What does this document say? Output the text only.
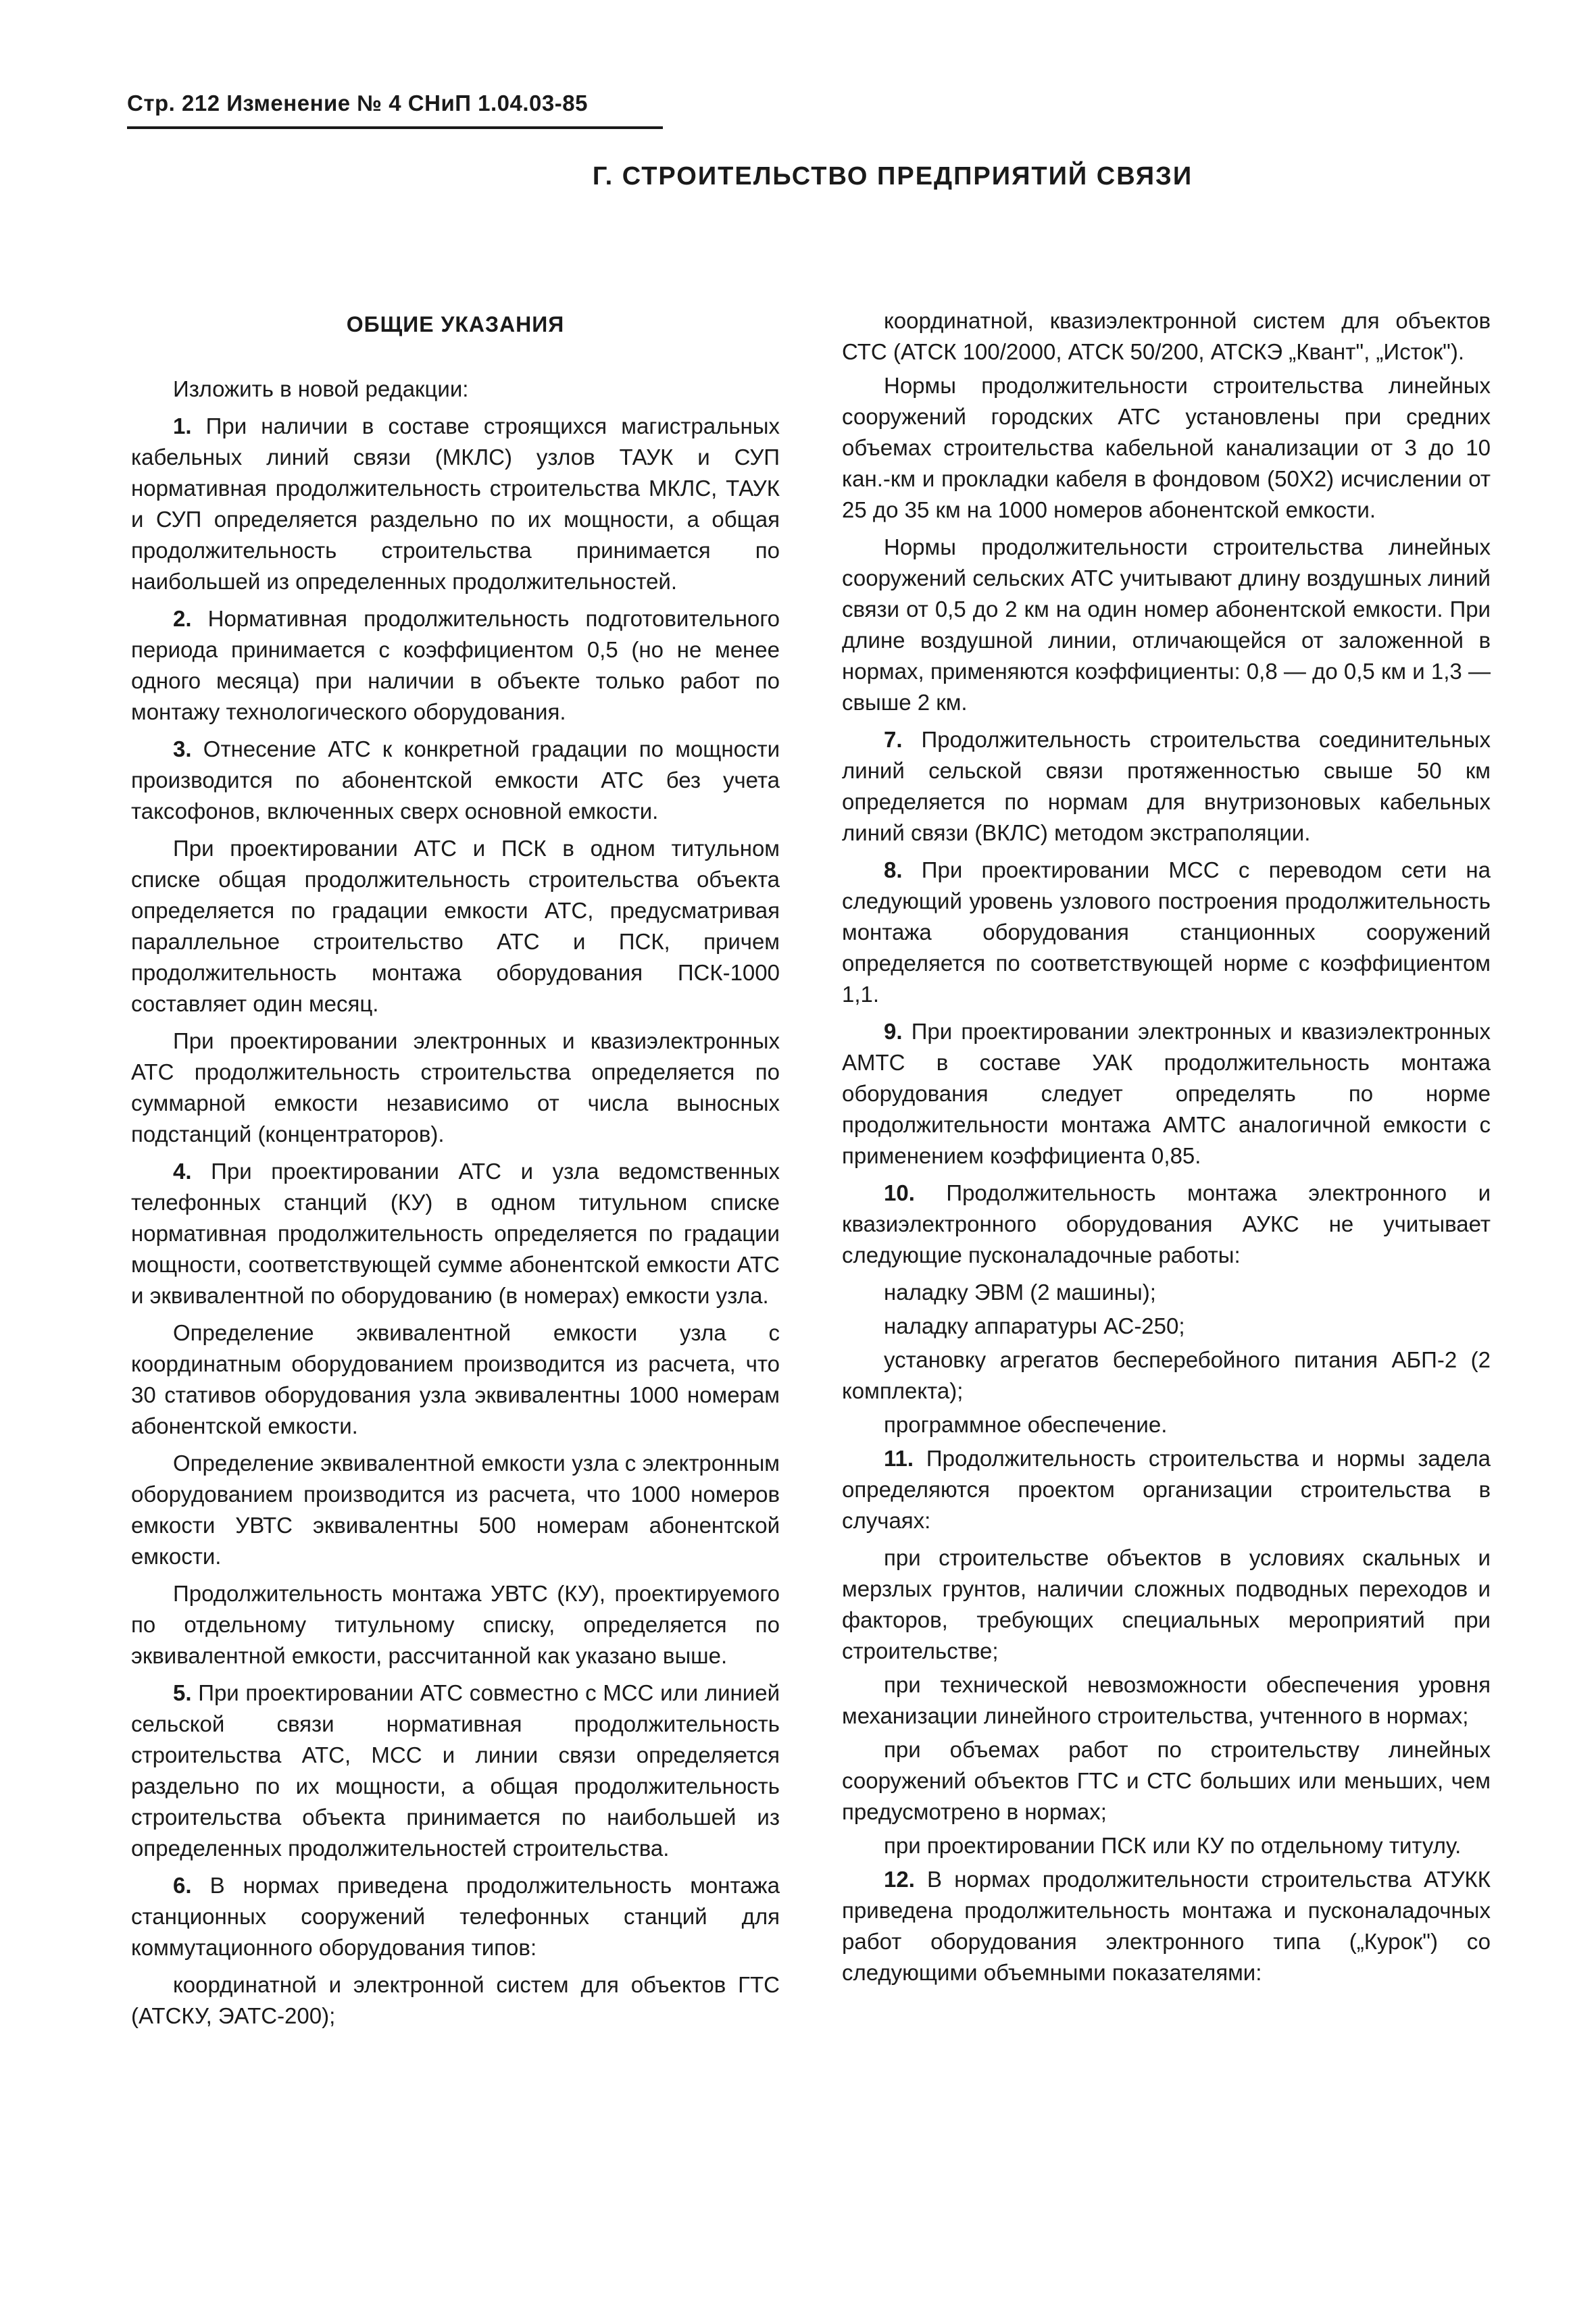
Стр. 212 Изменение № 4 СНиП 1.04.03-85
Г. СТРОИТЕЛЬСТВО ПРЕДПРИЯТИЙ СВЯЗИ
ОБЩИЕ УКАЗАНИЯ

Изложить в новой редакции:

1. При наличии в составе строящихся магистральных кабельных линий связи (МКЛС) узлов ТАУК и СУП нормативная продолжительность строительства МКЛС, ТАУК и СУП определяется раздельно по их мощности, а общая продолжительность строительства принимается по наибольшей из определенных продолжительностей.

2. Нормативная продолжительность подготовительного периода принимается с коэффициентом 0,5 (но не менее одного месяца) при наличии в объекте только работ по монтажу технологического оборудования.

3. Отнесение АТС к конкретной градации по мощности производится по абонентской емкости АТС без учета таксофонов, включенных сверх основной емкости.

При проектировании АТС и ПСК в одном титульном списке общая продолжительность строительства объекта определяется по градации емкости АТС, предусматривая параллельное строительство АТС и ПСК, причем продолжительность монтажа оборудования ПСК-1000 составляет один месяц.

При проектировании электронных и квазиэлектронных АТС продолжительность строительства определяется по суммарной емкости независимо от числа выносных подстанций (концентраторов).

4. При проектировании АТС и узла ведомственных телефонных станций (КУ) в одном титульном списке нормативная продолжительность определяется по градации мощности, соответствующей сумме абонентской емкости АТС и эквивалентной по оборудованию (в номерах) емкости узла.

Определение эквивалентной емкости узла с координатным оборудованием производится из расчета, что 30 стативов оборудования узла эквивалентны 1000 номерам абонентской емкости.

Определение эквивалентной емкости узла с электронным оборудованием производится из расчета, что 1000 номеров емкости УВТС эквивалентны 500 номерам абонентской емкости.

Продолжительность монтажа УВТС (КУ), проектируемого по отдельному титульному списку, определяется по эквивалентной емкости, рассчитанной как указано выше.

5. При проектировании АТС совместно с МСС или линией сельской связи нормативная продолжительность строительства АТС, МСС и линии связи определяется раздельно по их мощности, а общая продолжительность строительства объекта принимается по наибольшей из определенных продолжительностей строительства.

6. В нормах приведена продолжительность монтажа станционных сооружений телефонных станций для коммутационного оборудования типов:

координатной и электронной систем для объектов ГТС (АТСКУ, ЭАТС-200);

координатной, квазиэлектронной систем для объектов СТС (АТСК 100/2000, АТСК 50/200, АТСКЭ „Квант", „Исток").

Нормы продолжительности строительства линейных сооружений городских АТС установлены при средних объемах строительства кабельной канализации от 3 до 10 кан.-км и прокладки кабеля в фондовом (50Х2) исчислении от 25 до 35 км на 1000 номеров абонентской емкости.

Нормы продолжительности строительства линейных сооружений сельских АТС учитывают длину воздушных линий связи от 0,5 до 2 км на один номер абонентской емкости. При длине воздушной линии, отличающейся от заложенной в нормах, применяются коэффициенты: 0,8 — до 0,5 км и 1,3 — свыше 2 км.

7. Продолжительность строительства соединительных линий сельской связи протяженностью свыше 50 км определяется по нормам для внутризоновых кабельных линий связи (ВКЛС) методом экстраполяции.

8. При проектировании МСС с переводом сети на следующий уровень узлового построения продолжительность монтажа оборудования станционных сооружений определяется по соответствующей норме с коэффициентом 1,1.

9. При проектировании электронных и квазиэлектронных АМТС в составе УАК продолжительность монтажа оборудования следует определять по норме продолжительности монтажа АМТС аналогичной емкости с применением коэффициента 0,85.

10. Продолжительность монтажа электронного и квазиэлектронного оборудования АУКС не учитывает следующие пусконаладочные работы:

наладку ЭВМ (2 машины);

наладку аппаратуры АС-250;

установку агрегатов бесперебойного питания АБП-2 (2 комплекта);

программное обеспечение.

11. Продолжительность строительства и нормы задела определяются проектом организации строительства в случаях:

при строительстве объектов в условиях скальных и мерзлых грунтов, наличии сложных подводных переходов и факторов, требующих специальных мероприятий при строительстве;

при технической невозможности обеспечения уровня механизации линейного строительства, учтенного в нормах;

при объемах работ по строительству линейных сооружений объектов ГТС и СТС больших или меньших, чем предусмотрено в нормах;

при проектировании ПСК или КУ по отдельному титулу.

12. В нормах продолжительности строительства АТУКК приведена продолжительность монтажа и пусконаладочных работ оборудования электронного типа („Курок") со следующими объемными показателями:
